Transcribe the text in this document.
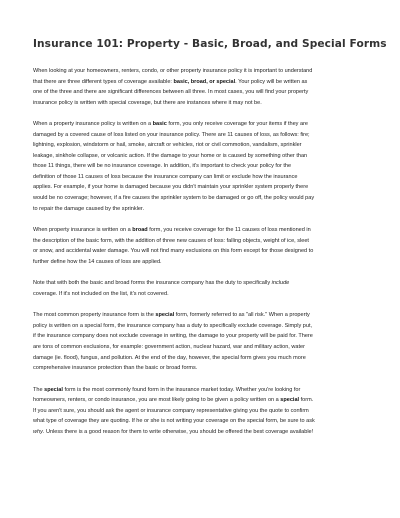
Insurance 101: Property - Basic, Broad, and Special Forms

When looking at your homeowners, renters, condo, or other property insurance policy it is important to understand
that there are three different types of coverage available: basic, broad, or special. Your policy will be written as
one of the three and there are significant differences between all three. In most cases, you will find your property
insurance policy is written with special coverage, but there are instances where it may not be.

When a property insurance policy is written on a basic form, you only receive coverage for your items if they are
damaged by a covered cause of loss listed on your insurance policy. There are 11 causes of loss, as follows: fire;
lightning, explosion, windstorm or hail, smoke, aircraft or vehicles, riot or civil commotion, vandalism, sprinkler
leakage, sinkhole collapse, or volcanic action. If the damage to your home or is caused by something other than
those 11 things, there will be no insurance coverage. In addition, it's important to check your policy for the
definition of those 11 causes of loss because the insurance company can limit or exclude how the insurance
applies. For example, if your home is damaged because you didn't maintain your sprinkler system properly there
would be no coverage; however, if a fire causes the sprinkler system to be damaged or go off, the policy would pay
to repair the damage caused by the sprinkler.

When property insurance is written on a broad form, you receive coverage for the 11 causes of loss mentioned in
the description of the basic form, with the addition of three new causes of loss: falling objects, weight of ice, sleet
or snow, and accidental water damage. You will not find many exclusions on this form except for those designed to
further define how the 14 causes of loss are applied.

Note that with both the basic and broad forms the insurance company has the duty to specifically include
coverage. If it's not included on the list, it's not covered.

The most common property insurance form is the special form, formerly referred to as "all risk." When a property
policy is written on a special form, the insurance company has a duty to specifically exclude coverage. Simply put,
if the insurance company does not exclude coverage in writing, the damage to your property will be paid for. There
are tons of common exclusions, for example: government action, nuclear hazard, war and military action, water
damage (ie. flood), fungus, and pollution. At the end of the day, however, the special form gives you much more
comprehensive insurance protection than the basic or broad forms.

The special form is the most commonly found form in the insurance market today. Whether you're looking for
homeowners, renters, or condo insurance, you are most likely going to be given a policy written on a special form.
If you aren't sure, you should ask the agent or insurance company representative giving you the quote to confirm
what type of coverage they are quoting. If he or she is not writing your coverage on the special form, be sure to ask
why. Unless there is a good reason for them to write otherwise, you should be offered the best coverage available!
